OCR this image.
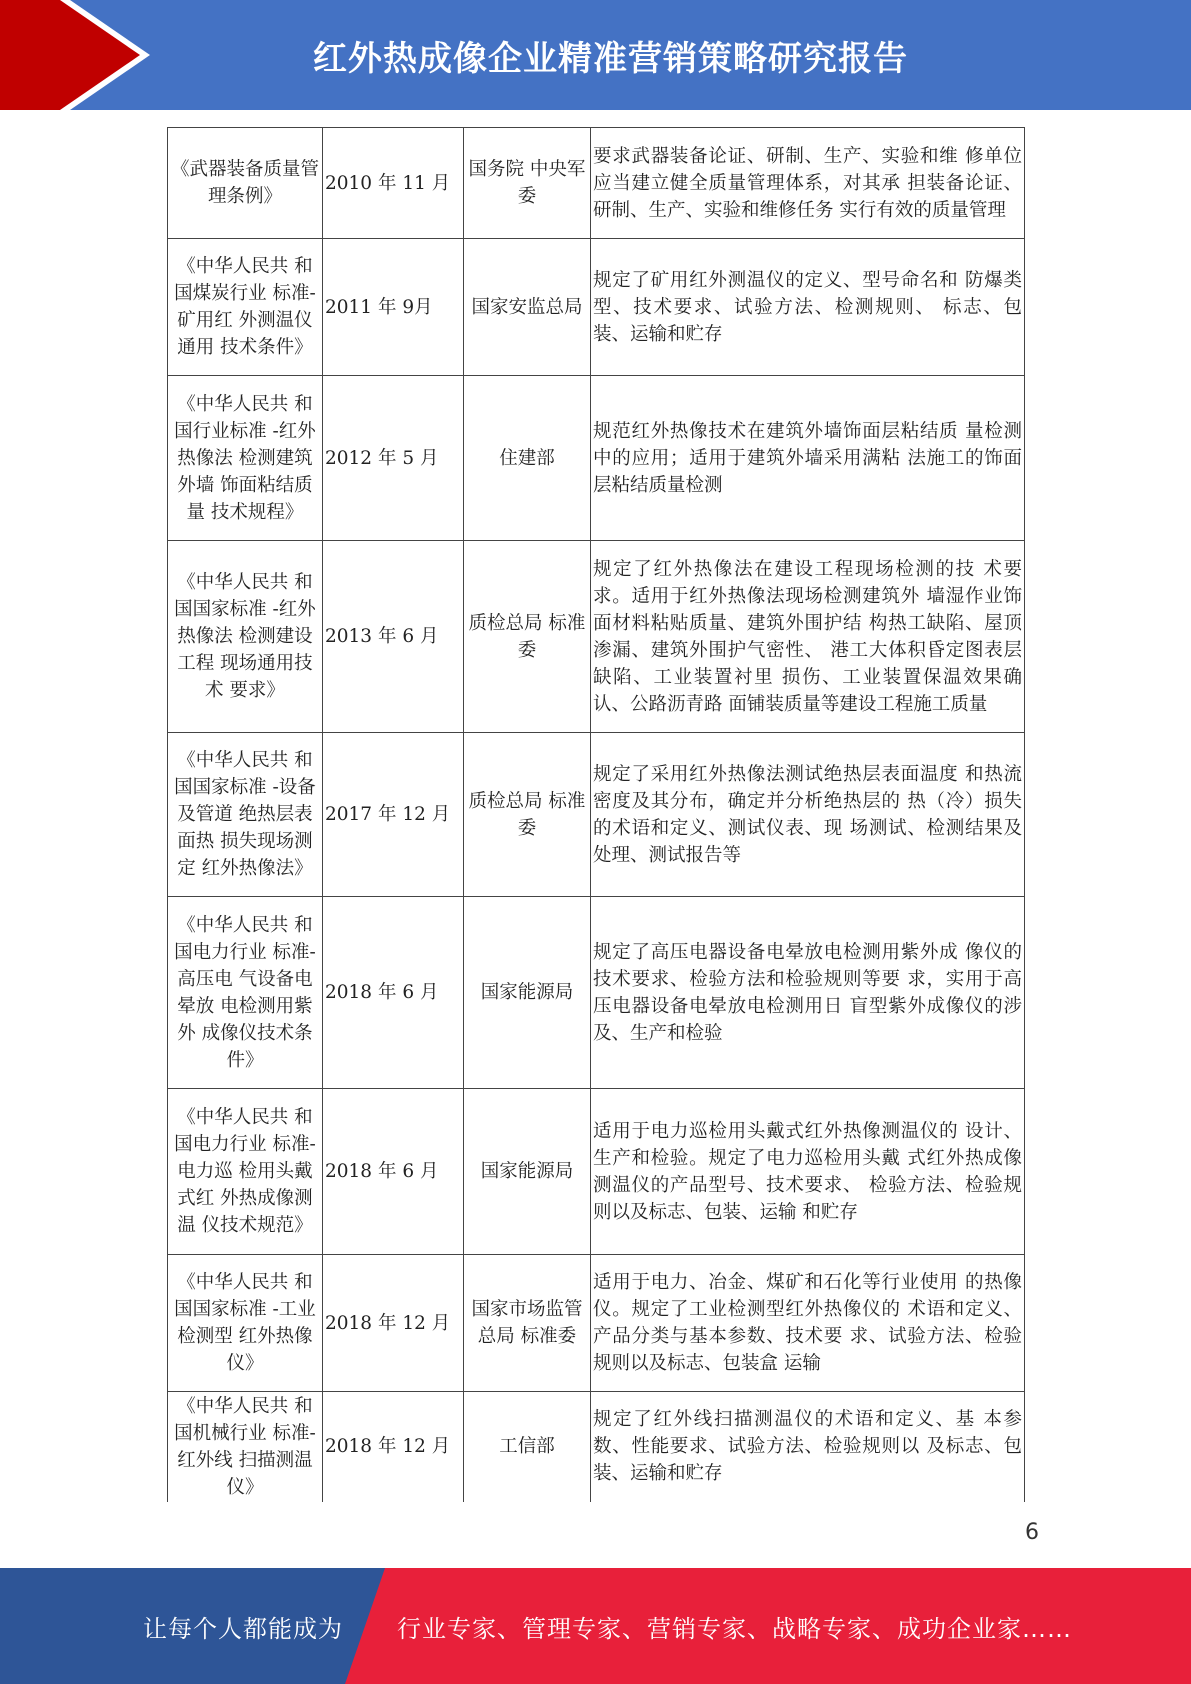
红外热成像企业精准营销策略研究报告
《武器装备质量管理条例》	2010 年 11 月	国务院 中央军委	要求武器装备论证、研制、生产、实验和维 修单位应当建立健全质量管理体系，对其承 担装备论证、研制、生产、实验和维修任务 实行有效的质量管理
《中华人民共 和国煤炭行业 标准-矿用红 外测温仪通用 技术条件》	2011 年 9月	国家安监总局	规定了矿用红外测温仪的定义、型号命名和 防爆类型、技术要求、试验方法、检测规则、 标志、包装、运输和贮存
《中华人民共 和国行业标准 -红外热像法 检测建筑外墙 饰面粘结质量 技术规程》	2012 年 5 月	住建部	规范红外热像技术在建筑外墙饰面层粘结质 量检测中的应用；适用于建筑外墙采用满粘 法施工的饰面层粘结质量检测
《中华人民共 和国国家标准 -红外热像法 检测建设工程 现场通用技术 要求》	2013 年 6 月	质检总局 标准委	规定了红外热像法在建设工程现场检测的技 术要求。适用于红外热像法现场检测建筑外 墙湿作业饰面材料粘贴质量、建筑外围护结 构热工缺陷、屋顶渗漏、建筑外围护气密性、 港工大体积昏定图表层缺陷、工业装置衬里 损伤、工业装置保温效果确认、公路沥青路 面铺装质量等建设工程施工质量
《中华人民共 和国国家标准 -设备及管道 绝热层表面热 损失现场测定 红外热像法》	2017 年 12 月	质检总局 标准委	规定了采用红外热像法测试绝热层表面温度 和热流密度及其分布，确定并分析绝热层的 热（冷）损失的术语和定义、测试仪表、现 场测试、检测结果及处理、测试报告等
《中华人民共 和国电力行业 标准-高压电 气设备电晕放 电检测用紫外 成像仪技术条 件》	2018 年 6 月	国家能源局	规定了高压电器设备电晕放电检测用紫外成 像仪的技术要求、检验方法和检验规则等要 求，实用于高压电器设备电晕放电检测用日 盲型紫外成像仪的涉及、生产和检验
《中华人民共 和国电力行业 标准-电力巡 检用头戴式红 外热成像测温 仪技术规范》	2018 年 6 月	国家能源局	适用于电力巡检用头戴式红外热像测温仪的 设计、生产和检验。规定了电力巡检用头戴 式红外热成像测温仪的产品型号、技术要求、 检验方法、检验规则以及标志、包装、运输 和贮存
《中华人民共 和国国家标准 -工业检测型 红外热像仪》	2018 年 12 月	国家市场监管总局 标准委	适用于电力、冶金、煤矿和石化等行业使用 的热像仪。规定了工业检测型红外热像仪的 术语和定义、产品分类与基本参数、技术要 求、试验方法、检验规则以及标志、包装盒 运输
《中华人民共 和国机械行业 标准-红外线 扫描测温仪》	2018 年 12 月	工信部	规定了红外线扫描测温仪的术语和定义、基 本参数、性能要求、试验方法、检验规则以 及标志、包装、运输和贮存
6
让每个人都能成为 行业专家、管理专家、营销专家、战略专家、成功企业家……
